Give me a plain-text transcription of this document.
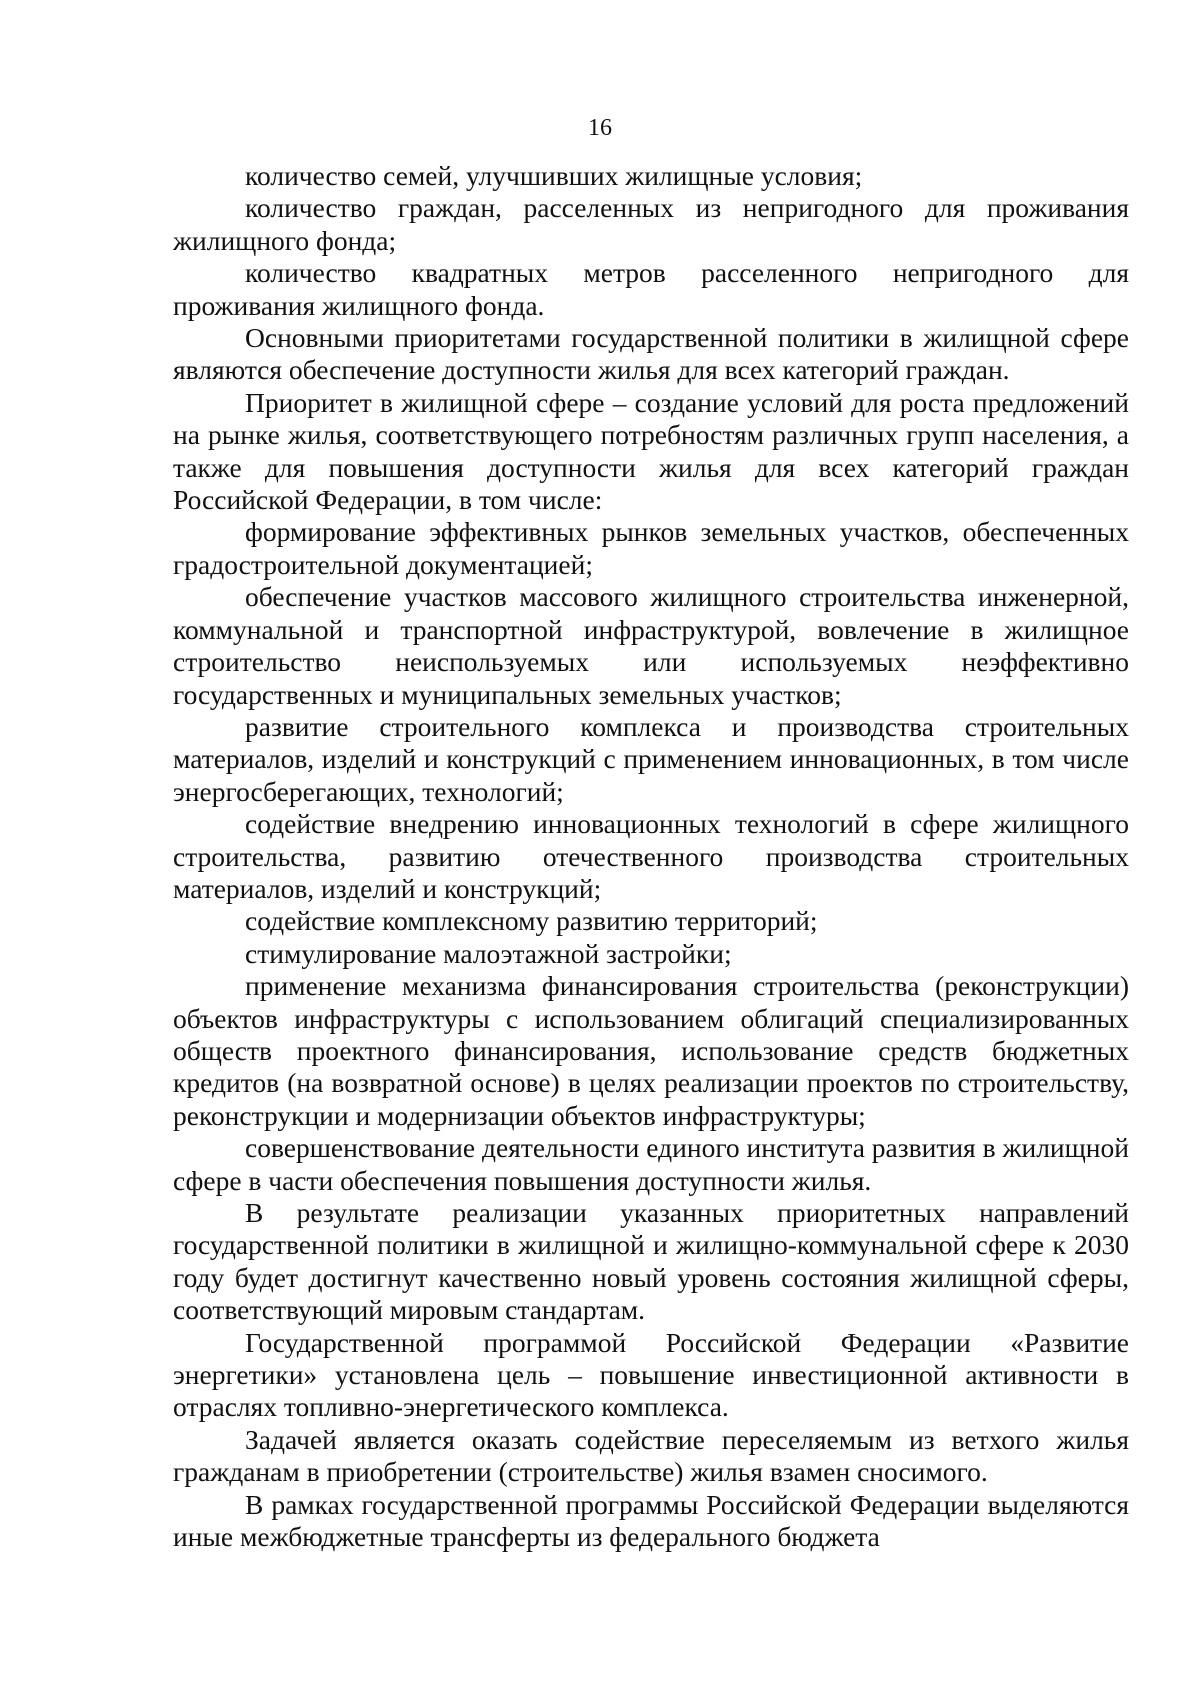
16

количество семей, улучшивших жилищные условия;

количество граждан, расселенных из непригодного для проживания жилищного фонда;

количество квадратных метров расселенного непригодного для проживания жилищного фонда.

Основными приоритетами государственной политики в жилищной сфере являются обеспечение доступности жилья для всех категорий граждан.

Приоритет в жилищной сфере – создание условий для роста предложений на рынке жилья, соответствующего потребностям различных групп населения, а также для повышения доступности жилья для всех категорий граждан Российской Федерации, в том числе:

формирование эффективных рынков земельных участков, обеспеченных градостроительной документацией;

обеспечение участков массового жилищного строительства инженерной, коммунальной и транспортной инфраструктурой, вовлечение в жилищное строительство неиспользуемых или используемых неэффективно государственных и муниципальных земельных участков;

развитие строительного комплекса и производства строительных материалов, изделий и конструкций с применением инновационных, в том числе энергосберегающих, технологий;

содействие внедрению инновационных технологий в сфере жилищного строительства, развитию отечественного производства строительных материалов, изделий и конструкций;

содействие комплексному развитию территорий;

стимулирование малоэтажной застройки;

применение механизма финансирования строительства (реконструкции) объектов инфраструктуры с использованием облигаций специализированных обществ проектного финансирования, использование средств бюджетных кредитов (на возвратной основе) в целях реализации проектов по строительству, реконструкции и модернизации объектов инфраструктуры;

совершенствование деятельности единого института развития в жилищной сфере в части обеспечения повышения доступности жилья.

В результате реализации указанных приоритетных направлений государственной политики в жилищной и жилищно-коммунальной сфере к 2030 году будет достигнут качественно новый уровень состояния жилищной сферы, соответствующий мировым стандартам.

Государственной программой Российской Федерации «Развитие энергетики» установлена цель – повышение инвестиционной активности в отраслях топливно-энергетического комплекса.

Задачей является оказать содействие переселяемым из ветхого жилья гражданам в приобретении (строительстве) жилья взамен сносимого.

В рамках государственной программы Российской Федерации выделяются иные межбюджетные трансферты из федерального бюджета
